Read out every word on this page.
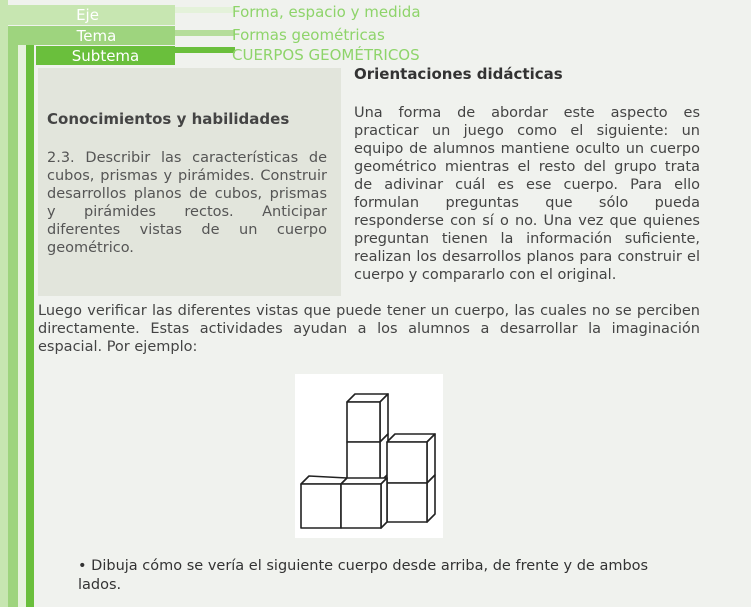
Eje	Forma, espacio y medida
Tema	Formas geométricas
Subtema	CUERPOS GEOMÉTRICOS
Conocimientos y habilidades
2.3. Describir las características de cubos, prismas y pirámides. Construir desarrollos planos de cubos, prismas y pirámides rectos. Anticipar diferentes vistas de un cuerpo geométrico.
Orientaciones didácticas
Una forma de abordar este aspecto es practicar un juego como el siguiente: un equipo de alumnos mantiene oculto un cuerpo geométrico mientras el resto del grupo trata de adivinar cuál es ese cuerpo. Para ello formulan preguntas que sólo pueda responderse con sí o no. Una vez que quienes preguntan tienen la información suficiente, realizan los desarrollos planos para construir el cuerpo y compararlo con el original.
Luego verificar las diferentes vistas que puede tener un cuerpo, las cuales no se perciben directamente. Estas actividades ayudan a los alumnos a desarrollar la imaginación espacial. Por ejemplo:
• Dibuja cómo se vería el siguiente cuerpo desde arriba, de frente y de ambos lados.
